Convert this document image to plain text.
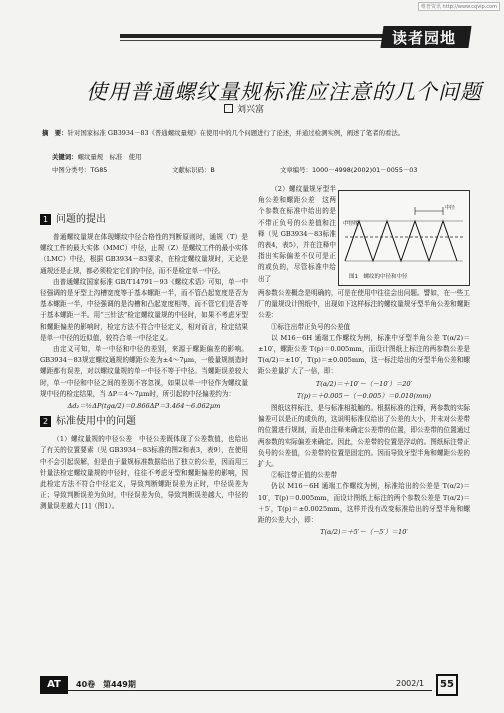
维普资讯 http://www.cqvip.com
读者园地
使用普通螺纹量规标准应注意的几个问题
刘兴富
摘　要：针对国家标准 GB3934－83《普通螺纹量规》在使用中的几个问题进行了论述，并通过检测实例，阐述了笔者的看法。
关键词：螺纹量规　标准　使用
中图分类号：TG85	文献标识码：B	文章编号：1000－4998(2002)01－0055－03
1 问题的提出

普通螺纹量规在体现螺纹中径合格性的判断原则时，通规（T）是螺纹工件的最大实体（MMC）中径，止规（Z）是螺纹工件的最小实体（LMC）中径，根据 GB3934－83要求，在检定螺纹量规时，无论是通规还是止规，都必须检定它们的中径，而不是检定单一中径。

由普通螺纹国家标准 GB/T14791－93《螺纹术语》可知，单一中径强调的是牙型上沟槽宽度等于基本螺距一半，而不管凸起宽度是否为基本螺距一半，中径强调的是沟槽和凸起宽度相等，而不管它们是否等于基本螺距一半。用“三针法”检定螺纹量规的中径时，如果不考虑牙型和螺距偏差的影响时，检定方法不符合中径定义，相对而言，检定结果是单一中径的近似值，较符合单一中径定义。

由定义可知，单一中径和中径的差别，来源于螺距偏差的影响。GB3934－83规定螺纹通规的螺距公差为±4～7μm，一般量规制造时螺距都有误差，对以螺纹量规的单一中径不等于中径。当螺距误差较大时，单一中径和中径之间的差别不容忽视，如果以单一中径作为螺纹量规中径的检定结果，当 ΔP＝4～7μm时，所引起的中径偏差约为：

Δd₂＝½ΔP(tgα/2)＝0.866ΔP＝3.464～6.062μm

2 标准使用中的问题

（1）螺纹量规的中径公差　中径公差既体现了公差数值，也给出了有关的位置要素（见 GB3934－83标准的图2和表3，表9），在使用中不会引起误解，但是由于量规标准数据给出了独立的公差，因而用三针量法检定螺纹量规的中径时，往往不考虑牙型和螺距偏差的影响，因此检定方法不符合中径定义，导致判断螺距误差为正时，中径误差为正；导致判断误差为负时，中径误差为负，导致判断误差越大，中径的测量误差越大 [1]（图1）。

（2）螺纹量规牙型半角公差和螺距公差　这两个参数在标准中给出的是不带正负号的公差值和注释（见 GB3934－83标准的表4，表5），并在注释中指出实际偏差不仅可是正的或负的，尽管标准中给出了

中径线
中径
图1　螺纹的中径和中径

两参数公差概念是明确的，可是在使用中往往会出问题。譬如，在一些工厂的量规设计图纸中，出现如下这样标注的螺纹量规牙型半角公差和螺距公差：

①标注出带正负号的公差值

以 M16－6H 通端工作螺纹为例，标准中牙型半角公差 T(α/2)＝±10′，螺距公差 T(p)＝0.005mm，而设计图纸上标注的两参数公差是 T(α/2)＝±10′，T(p)＝±0.005mm，这一标注给出的牙型半角公差和螺距公差量扩大了一倍，即：

T(α/2)＝＋10′－（－10′）＝20′

T(p)＝＋0.005－（－0.005）＝0.010(mm)

图纸这样标注，是与标准相抵触的。根据标准的注释，两参数的实际偏差可以是正的或负的，这说明标准仅给出了公差的大小，并未对公差带的位置进行规制，而是由注释来确定公差带的位置，即公差带的位置通过两参数的实际偏差来确定。因此，公差带的位置是浮动的。图纸标注带正负号的公差值，公差带的位置是固定的。因而导致牙型半角和螺距公差的扩大。

②标注带正值的公差带

仍以 M16－6H 通端工作螺纹为例，标准给出的公差是 T(α/2)＝10′，T(p)＝0.005mm，而设计图纸上标注的两个参数公差是 T(α/2)＝＋5′，T(p)＝±0.0025mm，这样并没有改变标准给出的牙型半角和螺距的公差大小，即：

T(α/2)＝＋5′－（－5′）＝10′

AT	40卷　第449期	2002/1	55
